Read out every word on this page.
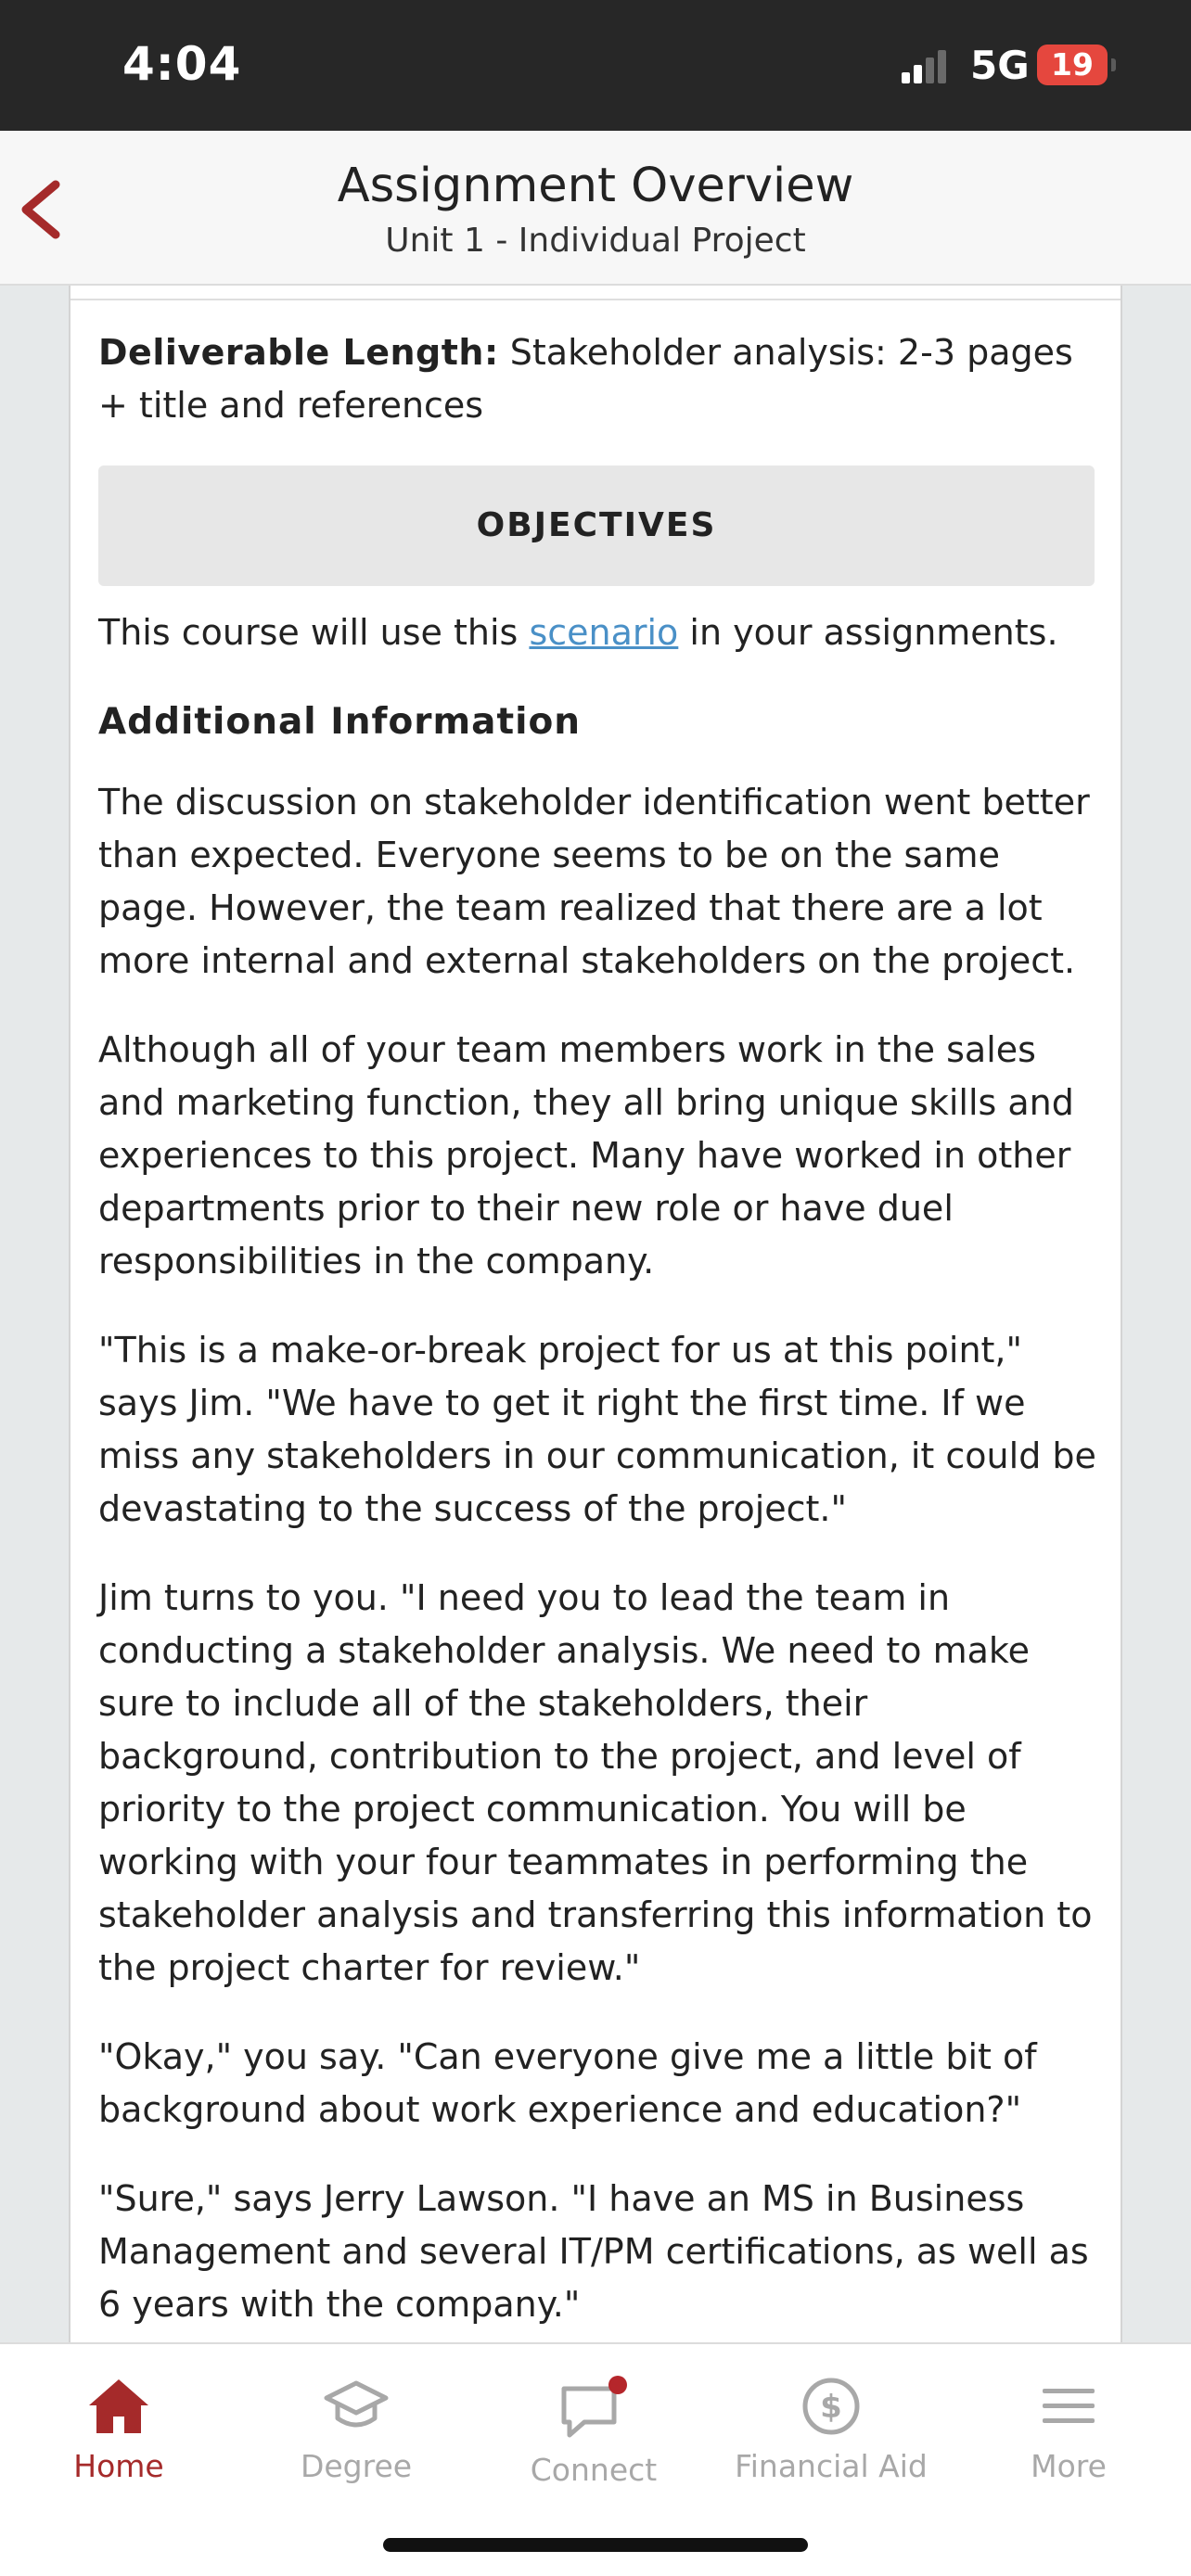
4:04	5G 19
Assignment Overview
Unit 1 - Individual Project

Deliverable Length: Stakeholder analysis: 2-3 pages + title and references

OBJECTIVES

This course will use this scenario in your assignments.

Additional Information

The discussion on stakeholder identification went better than expected. Everyone seems to be on the same page. However, the team realized that there are a lot more internal and external stakeholders on the project.

Although all of your team members work in the sales and marketing function, they all bring unique skills and experiences to this project. Many have worked in other departments prior to their new role or have duel responsibilities in the company.

"This is a make-or-break project for us at this point," says Jim. "We have to get it right the first time. If we miss any stakeholders in our communication, it could be devastating to the success of the project."

Jim turns to you. "I need you to lead the team in conducting a stakeholder analysis. We need to make sure to include all of the stakeholders, their background, contribution to the project, and level of priority to the project communication. You will be working with your four teammates in performing the stakeholder analysis and transferring this information to the project charter for review."

"Okay," you say. "Can everyone give me a little bit of background about work experience and education?"

"Sure," says Jerry Lawson. "I have an MS in Business Management and several IT/PM certifications, as well as 6 years with the company."

Home	Degree	Connect
$
Financial Aid	More
